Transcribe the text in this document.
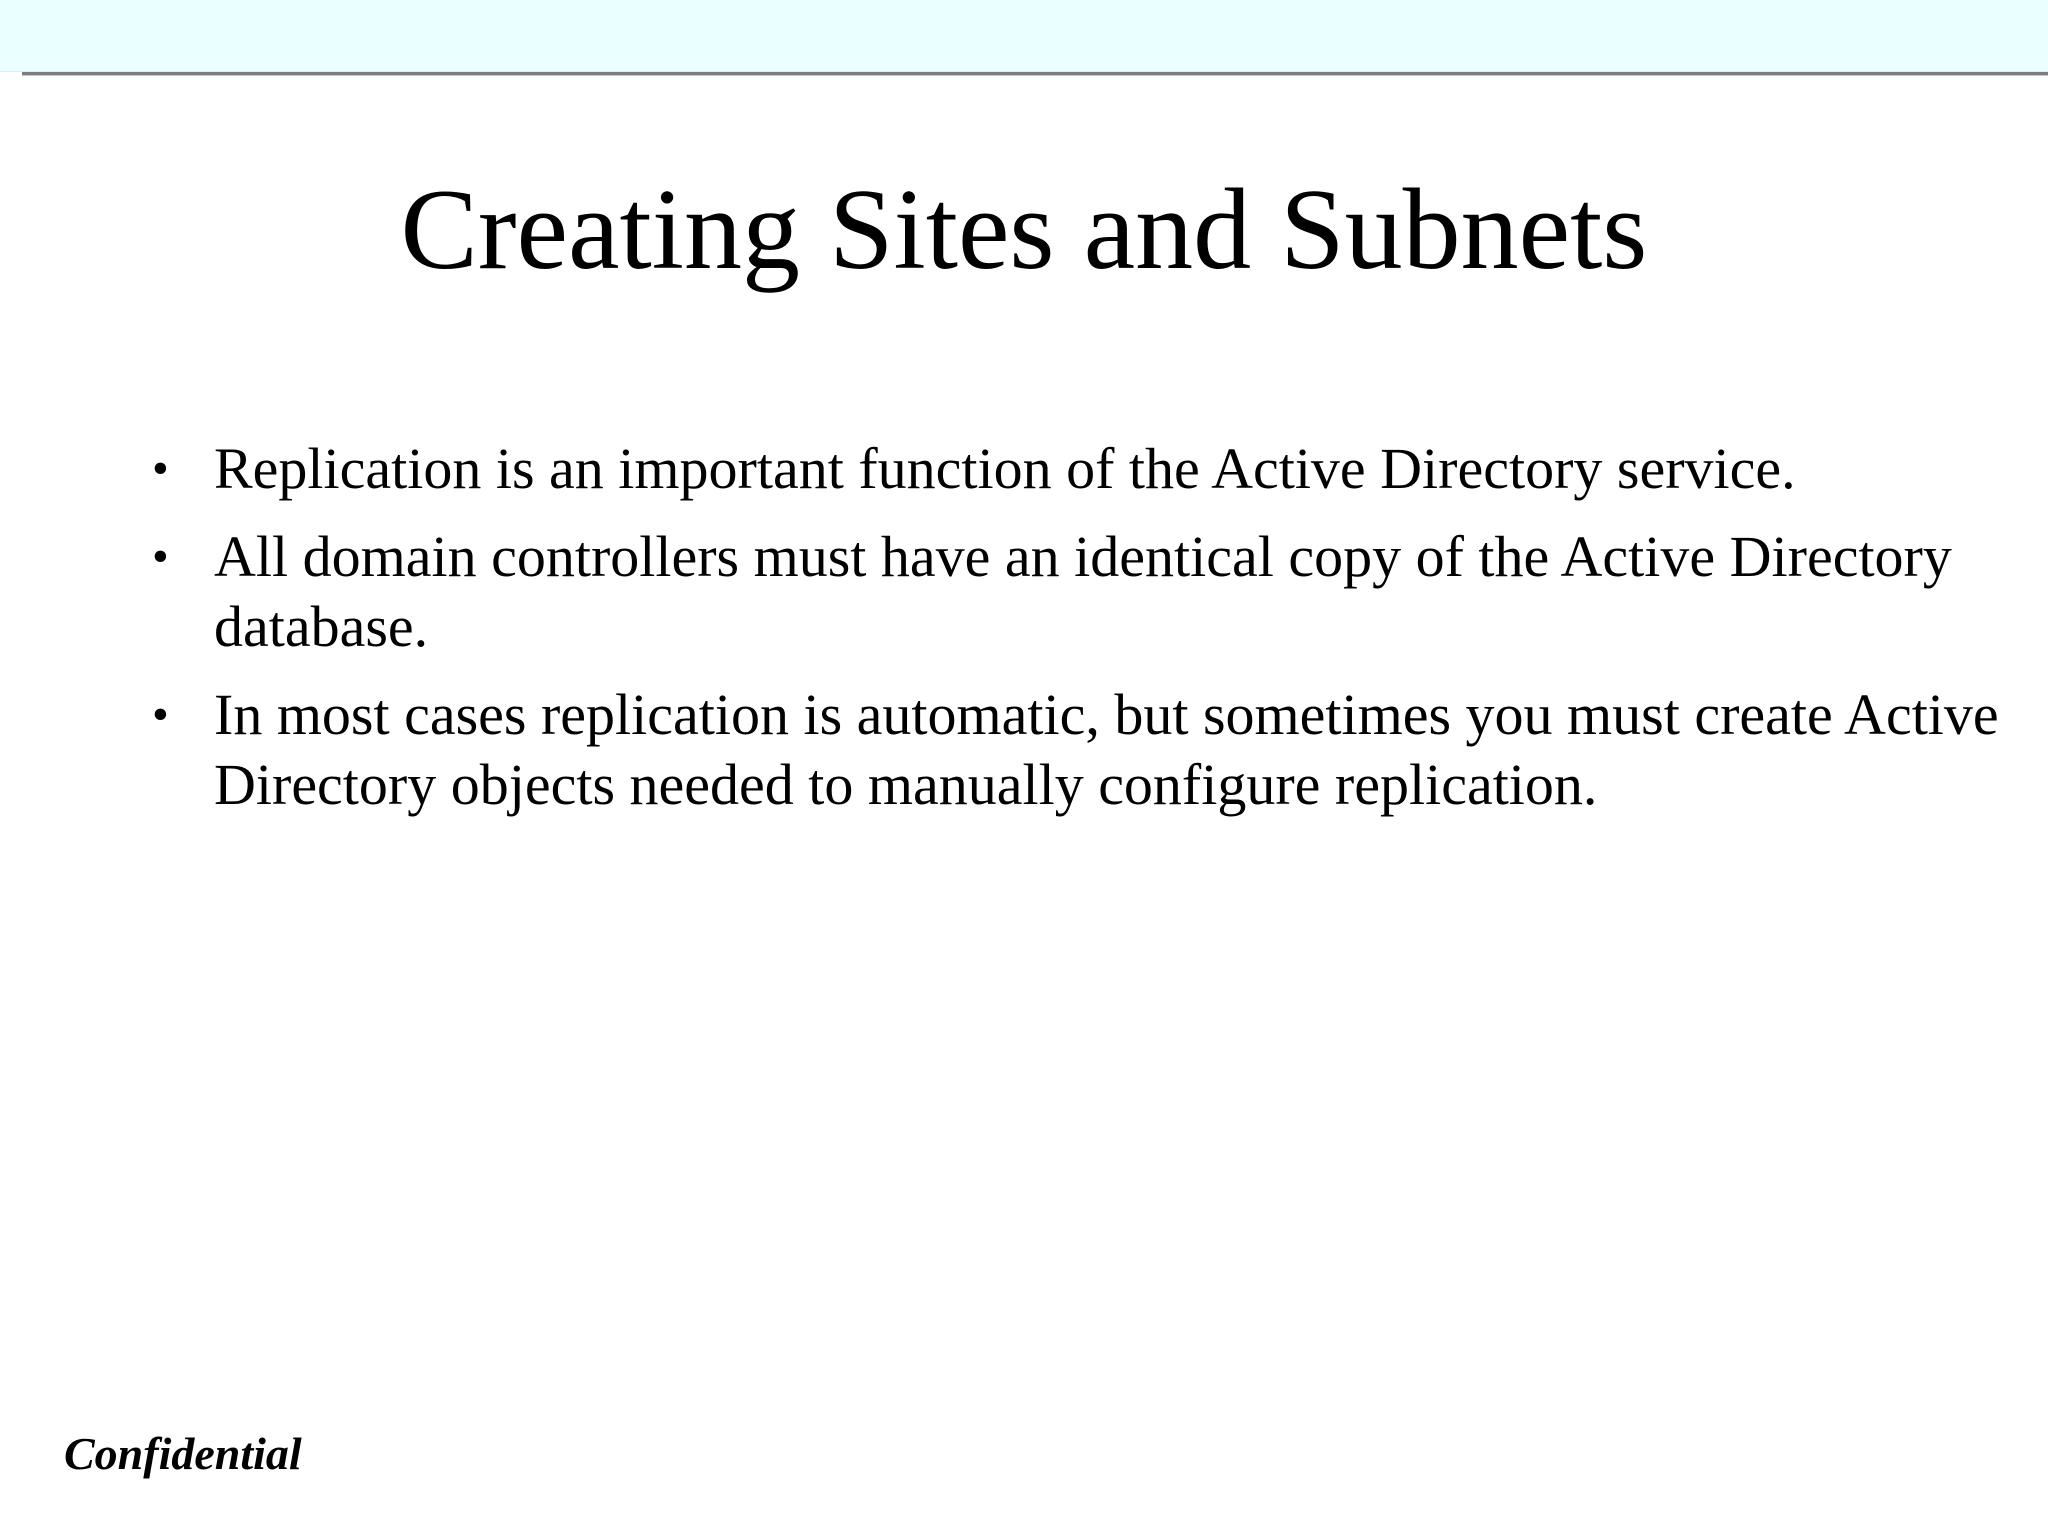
Creating Sites and Subnets
• Replication is an important function of the Active Directory service.
• All domain controllers must have an identical copy of the Active Directory database.
• In most cases replication is automatic, but sometimes you must create Active Directory objects needed to manually configure replication.
Confidential
